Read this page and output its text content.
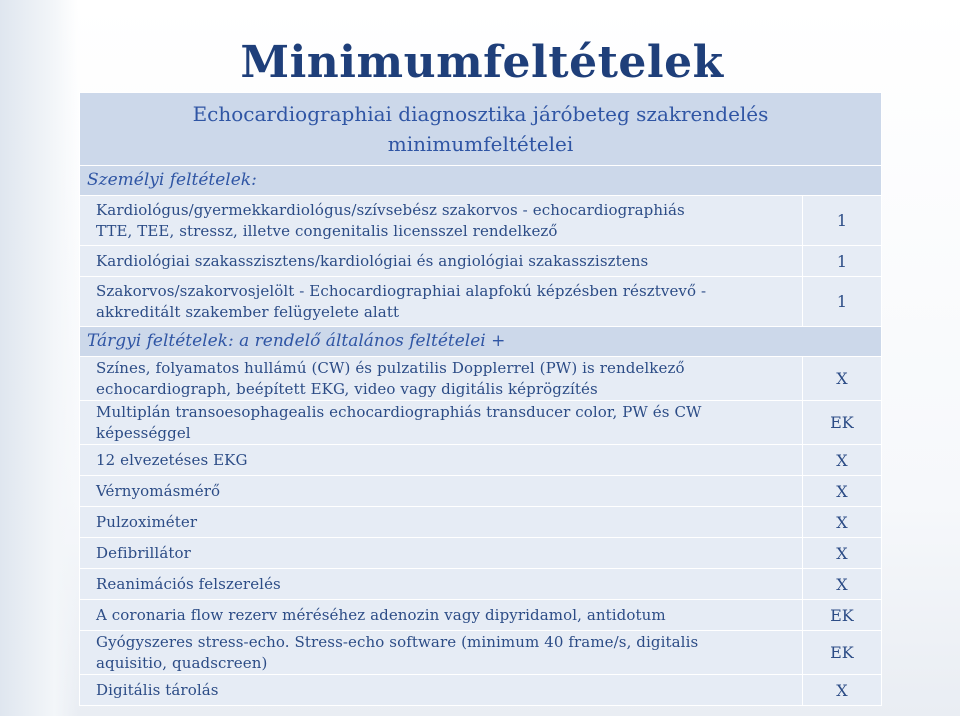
Minimumfeltételek
Echocardiographiai diagnosztika járóbeteg szakrendelés
minimumfeltételei	

Személyi feltételek:	

Kardiológus/gyermekkardiológus/szívsebész szakorvos - echocardiographiás
TTE, TEE, stressz, illetve congenitalis licensszel rendelkező	1

Kardiológiai szakasszisztens/kardiológiai és angiológiai szakasszisztens	1

Szakorvos/szakorvosjelölt - Echocardiographiai alapfokú képzésben résztvevő -
akkreditált szakember felügyelete alatt	1
Tárgyi feltételek: a rendelő általános feltételei +	

Színes, folyamatos hullámú (CW) és pulzatilis Dopplerrel (PW) is rendelkező
echocardiograph, beépített EKG, video vagy digitális képrögzítés	X

Multiplán transoesophagealis echocardiographiás transducer color, PW és CW
képességgel	EK
12 elvezetéses EKG	X
Vérnyomásmérő	X
Pulzoximéter	X
Defibrillátor	X
Reanimációs felszerelés	X
A coronaria flow rezerv méréséhez adenozin vagy dipyridamol, antidotum	EK

Gyógyszeres stress-echo. Stress-echo software (minimum 40 frame/s, digitalis
aquisitio, quadscreen)	EK
Digitális tárolás	X
